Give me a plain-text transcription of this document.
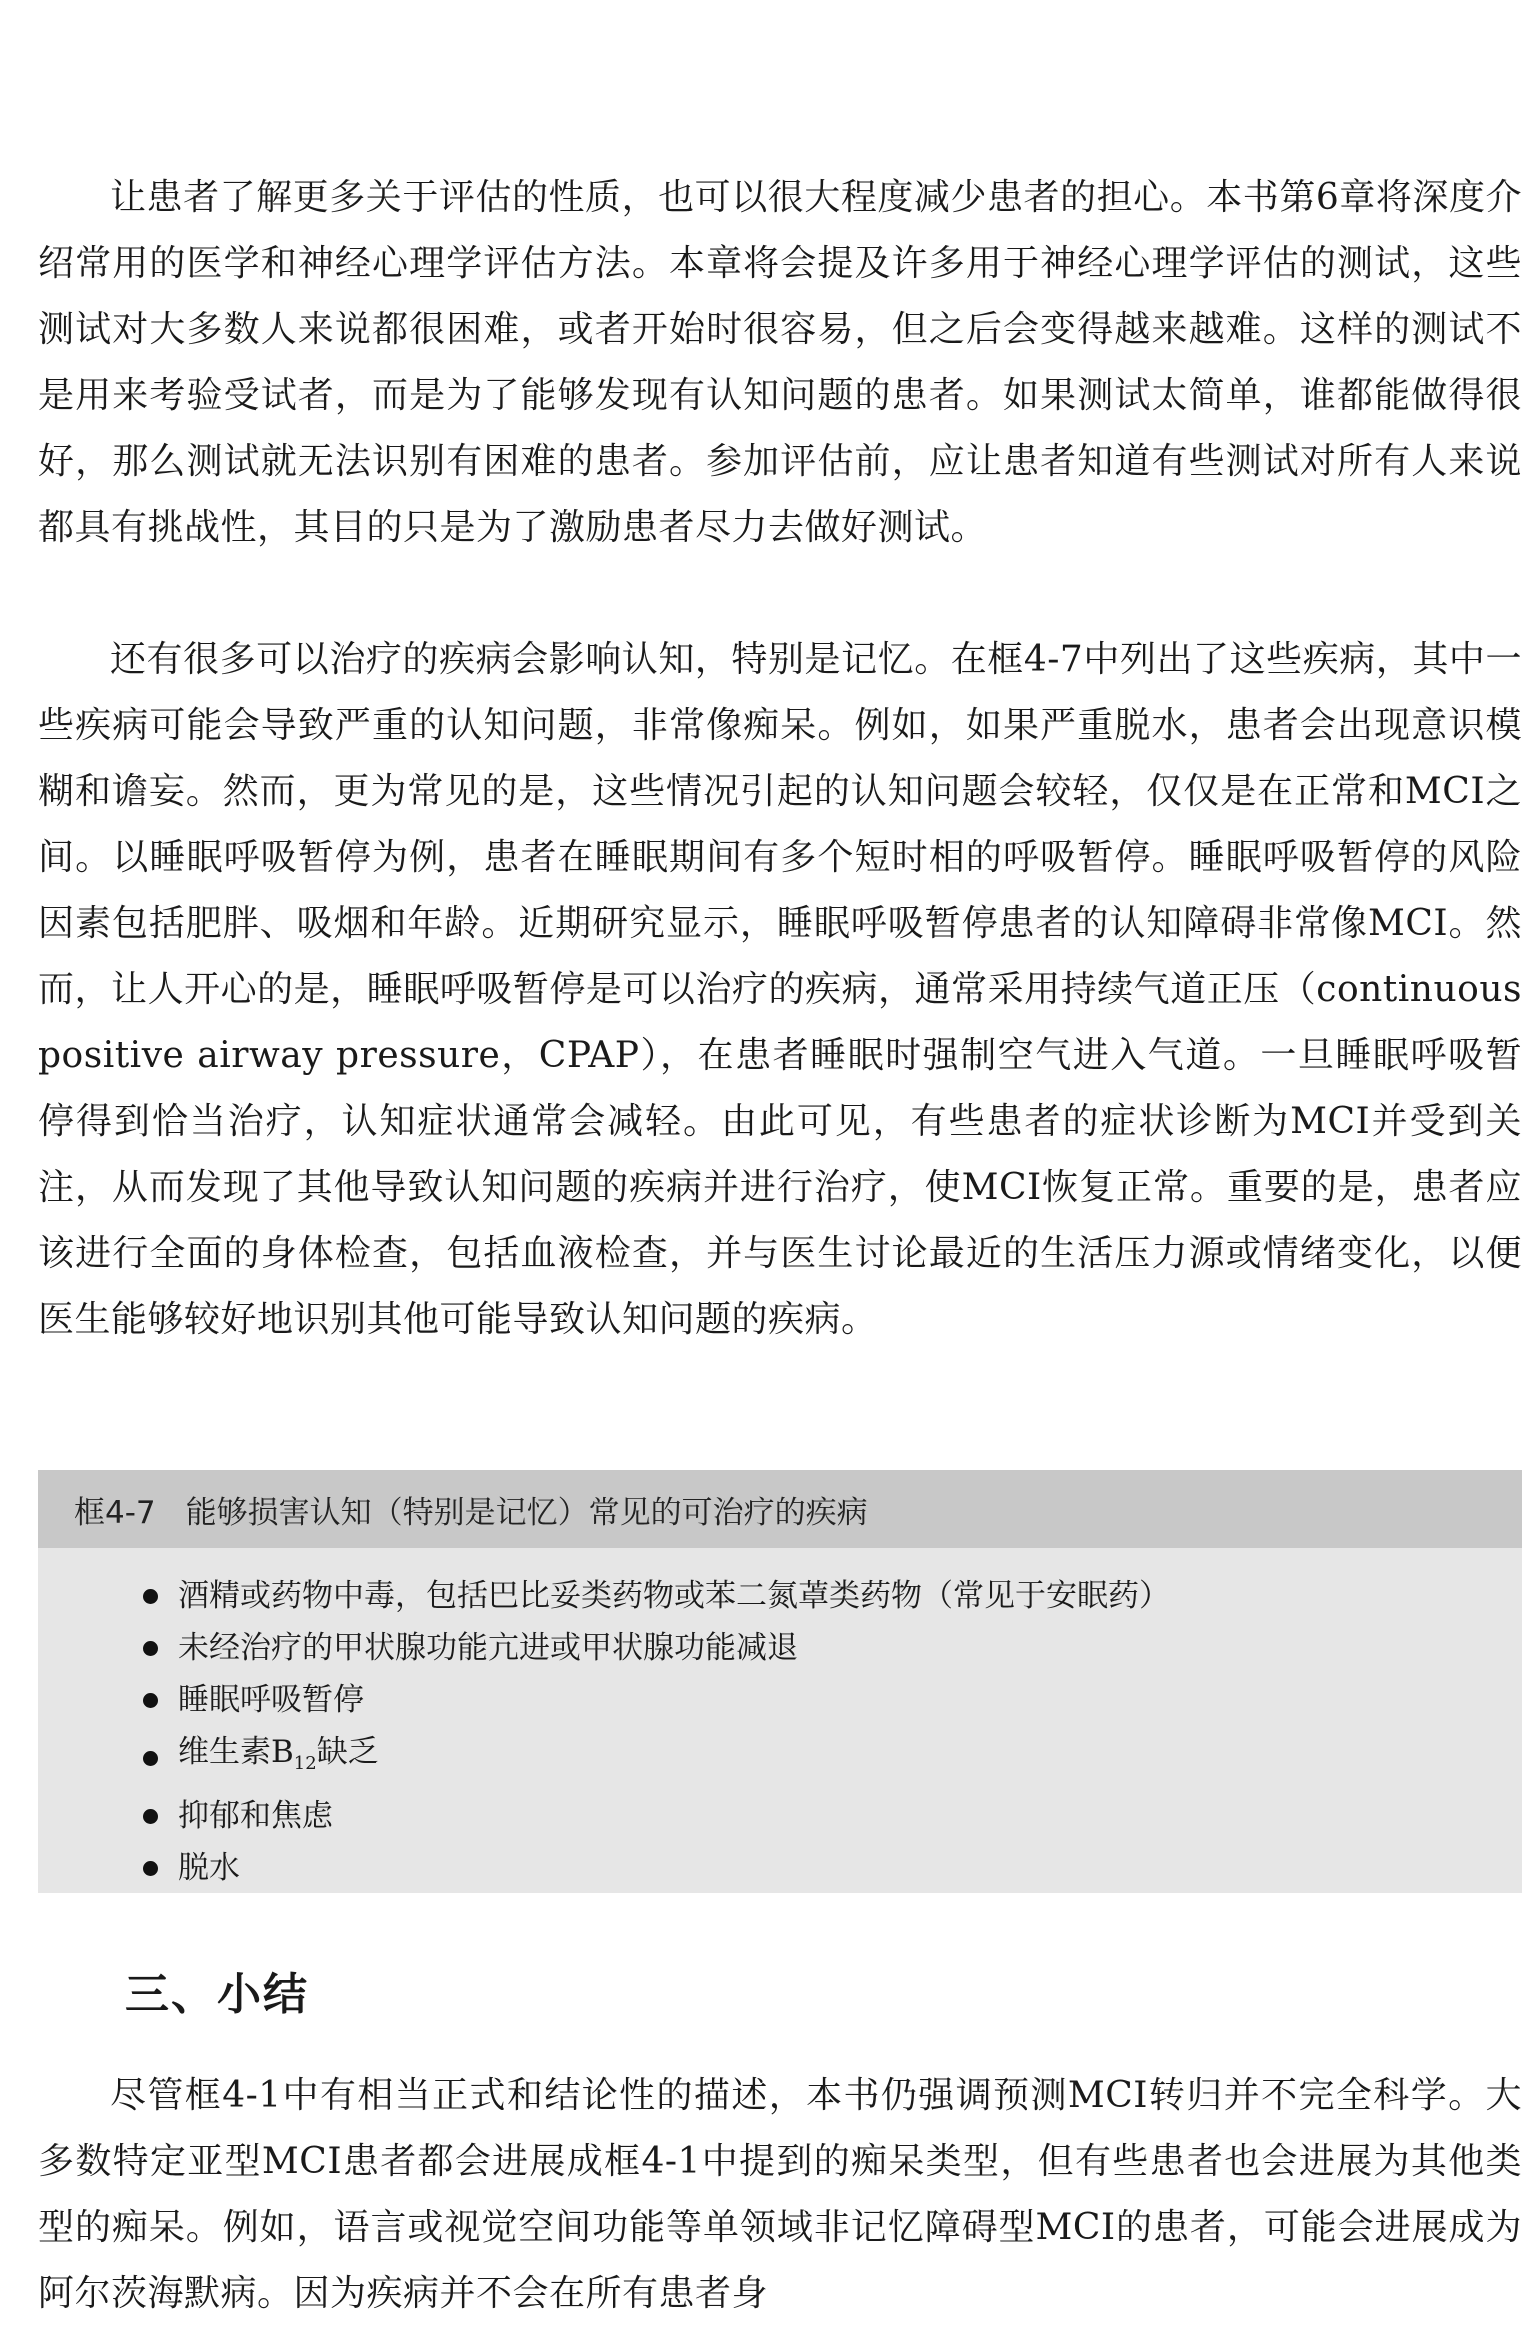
让患者了解更多关于评估的性质，也可以很大程度减少患者的担心。本书第6章将深度介绍常用的医学和神经心理学评估方法。本章将会提及许多用于神经心理学评估的测试，这些测试对大多数人来说都很困难，或者开始时很容易，但之后会变得越来越难。这样的测试不是用来考验受试者，而是为了能够发现有认知问题的患者。如果测试太简单，谁都能做得很好，那么测试就无法识别有困难的患者。参加评估前，应让患者知道有些测试对所有人来说都具有挑战性，其目的只是为了激励患者尽力去做好测试。

还有很多可以治疗的疾病会影响认知，特别是记忆。在框4-7中列出了这些疾病，其中一些疾病可能会导致严重的认知问题，非常像痴呆。例如，如果严重脱水，患者会出现意识模糊和谵妄。然而，更为常见的是，这些情况引起的认知问题会较轻，仅仅是在正常和MCI之间。以睡眠呼吸暂停为例，患者在睡眠期间有多个短时相的呼吸暂停。睡眠呼吸暂停的风险因素包括肥胖、吸烟和年龄。近期研究显示，睡眠呼吸暂停患者的认知障碍非常像MCI。然而，让人开心的是，睡眠呼吸暂停是可以治疗的疾病，通常采用持续气道正压（continuous positive airway pressure，CPAP），在患者睡眠时强制空气进入气道。一旦睡眠呼吸暂停得到恰当治疗，认知症状通常会减轻。由此可见，有些患者的症状诊断为MCI并受到关注，从而发现了其他导致认知问题的疾病并进行治疗，使MCI恢复正常。重要的是，患者应该进行全面的身体检查，包括血液检查，并与医生讨论最近的生活压力源或情绪变化，以便医生能够较好地识别其他可能导致认知问题的疾病。

框4-7 能够损害认知（特别是记忆）常见的可治疗的疾病
酒精或药物中毒，包括巴比妥类药物或苯二氮䓬类药物（常见于安眠药）
未经治疗的甲状腺功能亢进或甲状腺功能减退
睡眠呼吸暂停
维生素$B_{12}$缺乏
抑郁和焦虑
脱水
三、小结

尽管框4-1中有相当正式和结论性的描述，本书仍强调预测MCI转归并不完全科学。大多数特定亚型MCI患者都会进展成框4-1中提到的痴呆类型，但有些患者也会进展为其他类型的痴呆。例如，语言或视觉空间功能等单领域非记忆障碍型MCI的患者，可能会进展成为阿尔茨海默病。因为疾病并不会在所有患者身
